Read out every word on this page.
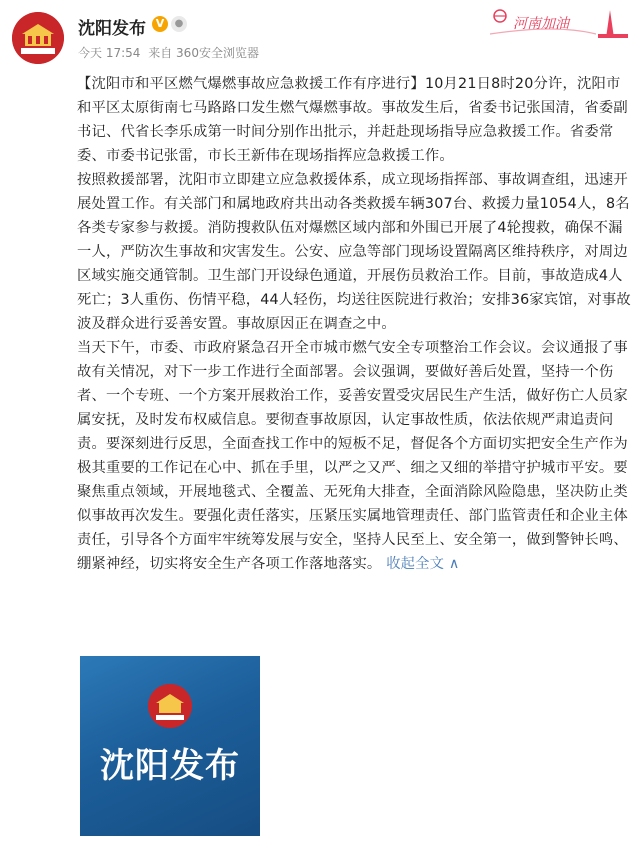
沈阳发布 V	●
今天 17:54 来自 360安全浏览器
河南加油

【沈阳市和平区燃气爆燃事故应急救援工作有序进行】10月21日8时20分许，沈阳市和平区太原街南七马路路口发生燃气爆燃事故。事故发生后，省委书记张国清，省委副书记、代省长李乐成第一时间分别作出批示，并赶赴现场指导应急救援工作。省委常委、市委书记张雷，市长王新伟在现场指挥应急救援工作。

按照救援部署，沈阳市立即建立应急救援体系，成立现场指挥部、事故调查组，迅速开展处置工作。有关部门和属地政府共出动各类救援车辆307台、救援力量1054人，8名各类专家参与救援。消防搜救队伍对爆燃区域内部和外围已开展了4轮搜救，确保不漏一人，严防次生事故和灾害发生。公安、应急等部门现场设置隔离区维持秩序，对周边区域实施交通管制。卫生部门开设绿色通道，开展伤员救治工作。目前，事故造成4人死亡；3人重伤、伤情平稳，44人轻伤，均送往医院进行救治；安排36家宾馆，对事故波及群众进行妥善安置。事故原因正在调查之中。

当天下午，市委、市政府紧急召开全市城市燃气安全专项整治工作会议。会议通报了事故有关情况，对下一步工作进行全面部署。会议强调，要做好善后处置，坚持一个伤者、一个专班、一个方案开展救治工作，妥善安置受灾居民生产生活，做好伤亡人员家属安抚，及时发布权威信息。要彻查事故原因，认定事故性质，依法依规严肃追责问责。要深刻进行反思，全面查找工作中的短板不足，督促各个方面切实把安全生产作为极其重要的工作记在心中、抓在手里，以严之又严、细之又细的举措守护城市平安。要聚焦重点领域，开展地毯式、全覆盖、无死角大排查，全面消除风险隐患，坚决防止类似事故再次发生。要强化责任落实，压紧压实属地管理责任、部门监管责任和企业主体责任，引导各个方面牢牢统筹发展与安全，坚持人民至上、安全第一，做到警钟长鸣、绷紧神经，切实将安全生产各项工作落地落实。 收起全文 ∧

沈阳发布
